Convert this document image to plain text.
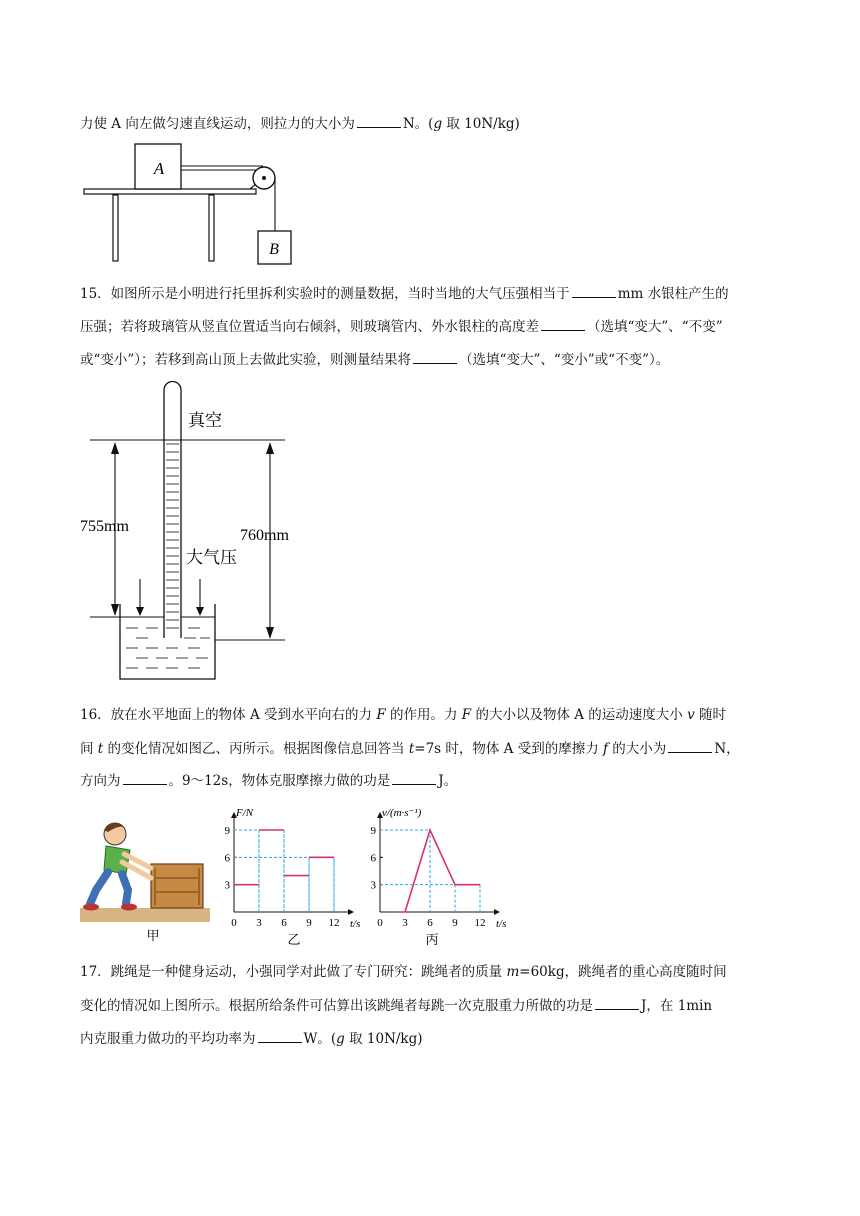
力使 A 向左做匀速直线运动，则拉力的大小为	N。(g 取 10N/kg)
A
B
15．如图所示是小明进行托里拆利实验时的测量数据，当时当地的大气压强相当于	mm 水银柱产生的
压强；若将玻璃管从竖直位置适当向右倾斜，则玻璃管内、外水银柱的高度差	（选填“变大”、“不变”
或“变小”）；若移到高山顶上去做此实验，则测量结果将	（选填“变大”、“变小”或“不变”）。
真空
大气压
755mm
760mm
16．放在水平地面上的物体 A 受到水平向右的力 F 的作用。力 F 的大小以及物体 A 的运动速度大小 v 随时
间 t 的变化情况如图乙、丙所示。根据图像信息回答当 t=7s 时，物体 A 受到的摩擦力 f 的大小为	N，
方向为	。9～12s，物体克服摩擦力做的功是	J。
甲
3
6
9
0 3 6 9 12 t/s
F/N
乙
3
6
9
0 3 6 9 12 t/s
v/(m·s⁻¹)
丙
17．跳绳是一种健身运动，小强同学对此做了专门研究：跳绳者的质量 m=60kg，跳绳者的重心高度随时间
变化的情况如上图所示。根据所给条件可估算出该跳绳者每跳一次克服重力所做的功是	J，在 1min
内克服重力做功的平均功率为	W。(g 取 10N/kg)
